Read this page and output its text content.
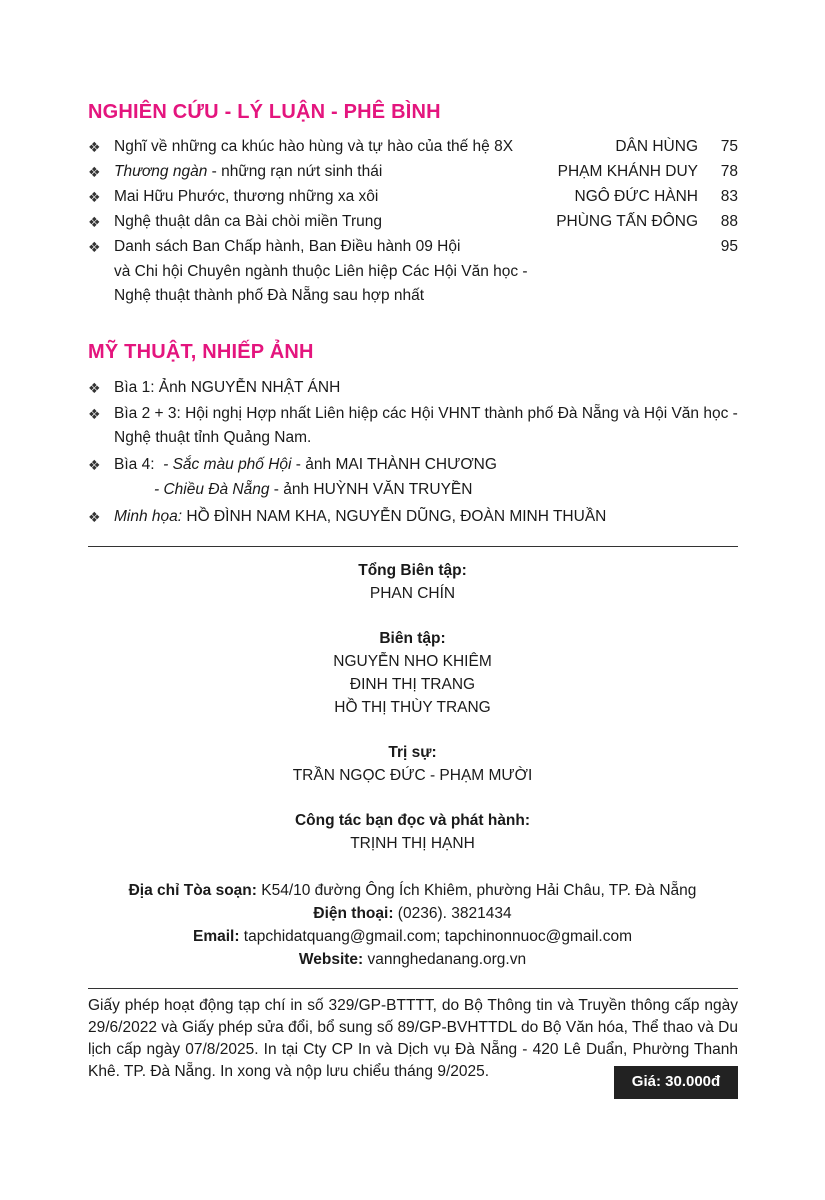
NGHIÊN CỨU - LÝ LUẬN - PHÊ BÌNH
❖ Nghĩ về những ca khúc hào hùng và tự hào của thế hệ 8X	DÂN HÙNG	75
❖ Thương ngàn - những rạn nứt sinh thái	PHẠM KHÁNH DUY	78
❖ Mai Hữu Phước, thương những xa xôi	NGÔ ĐỨC HÀNH	83
❖ Nghệ thuật dân ca Bài chòi miền Trung	PHÙNG TẤN ĐÔNG	88
❖ Danh sách Ban Chấp hành, Ban Điều hành 09 Hội	95
và Chi hội Chuyên ngành thuộc Liên hiệp Các Hội Văn học -
Nghệ thuật thành phố Đà Nẵng sau hợp nhất
MỸ THUẬT, NHIẾP ẢNH
❖ Bìa 1: Ảnh NGUYỄN NHẬT ÁNH
❖ Bìa 2 + 3: Hội nghị Hợp nhất Liên hiệp các Hội VHNT thành phố Đà Nẵng và Hội Văn học -
Nghệ thuật tỉnh Quảng Nam.
❖ Bìa 4: - Sắc màu phố Hội - ảnh MAI THÀNH CHƯƠNG
- Chiều Đà Nẵng - ảnh HUỲNH VĂN TRUYỀN
❖ Minh họa: HỒ ĐÌNH NAM KHA, NGUYỄN DŨNG, ĐOÀN MINH THUẦN
Tổng Biên tập:
PHAN CHÍN
Biên tập:
NGUYỄN NHO KHIÊM
ĐINH THỊ TRANG
HỒ THỊ THÙY TRANG
Trị sự:
TRẦN NGỌC ĐỨC - PHẠM MƯỜI
Công tác bạn đọc và phát hành:
TRỊNH THỊ HẠNH
Địa chỉ Tòa soạn: K54/10 đường Ông Ích Khiêm, phường Hải Châu, TP. Đà Nẵng
Điện thoại: (0236). 3821434
Email: tapchidatquang@gmail.com; tapchinonnuoc@gmail.com
Website: vannghedanang.org.vn
Giấy phép hoạt động tạp chí in số 329/GP-BTTTT, do Bộ Thông tin và Truyền thông cấp ngày 29/6/2022 và Giấy phép sửa đổi, bổ sung số 89/GP-BVHTTDL do Bộ Văn hóa, Thể thao và Du lịch cấp ngày 07/8/2025. In tại Cty CP In và Dịch vụ Đà Nẵng - 420 Lê Duẩn, Phường Thanh Khê. TP. Đà Nẵng. In xong và nộp lưu chiểu tháng 9/2025.
Giá: 30.000đ
